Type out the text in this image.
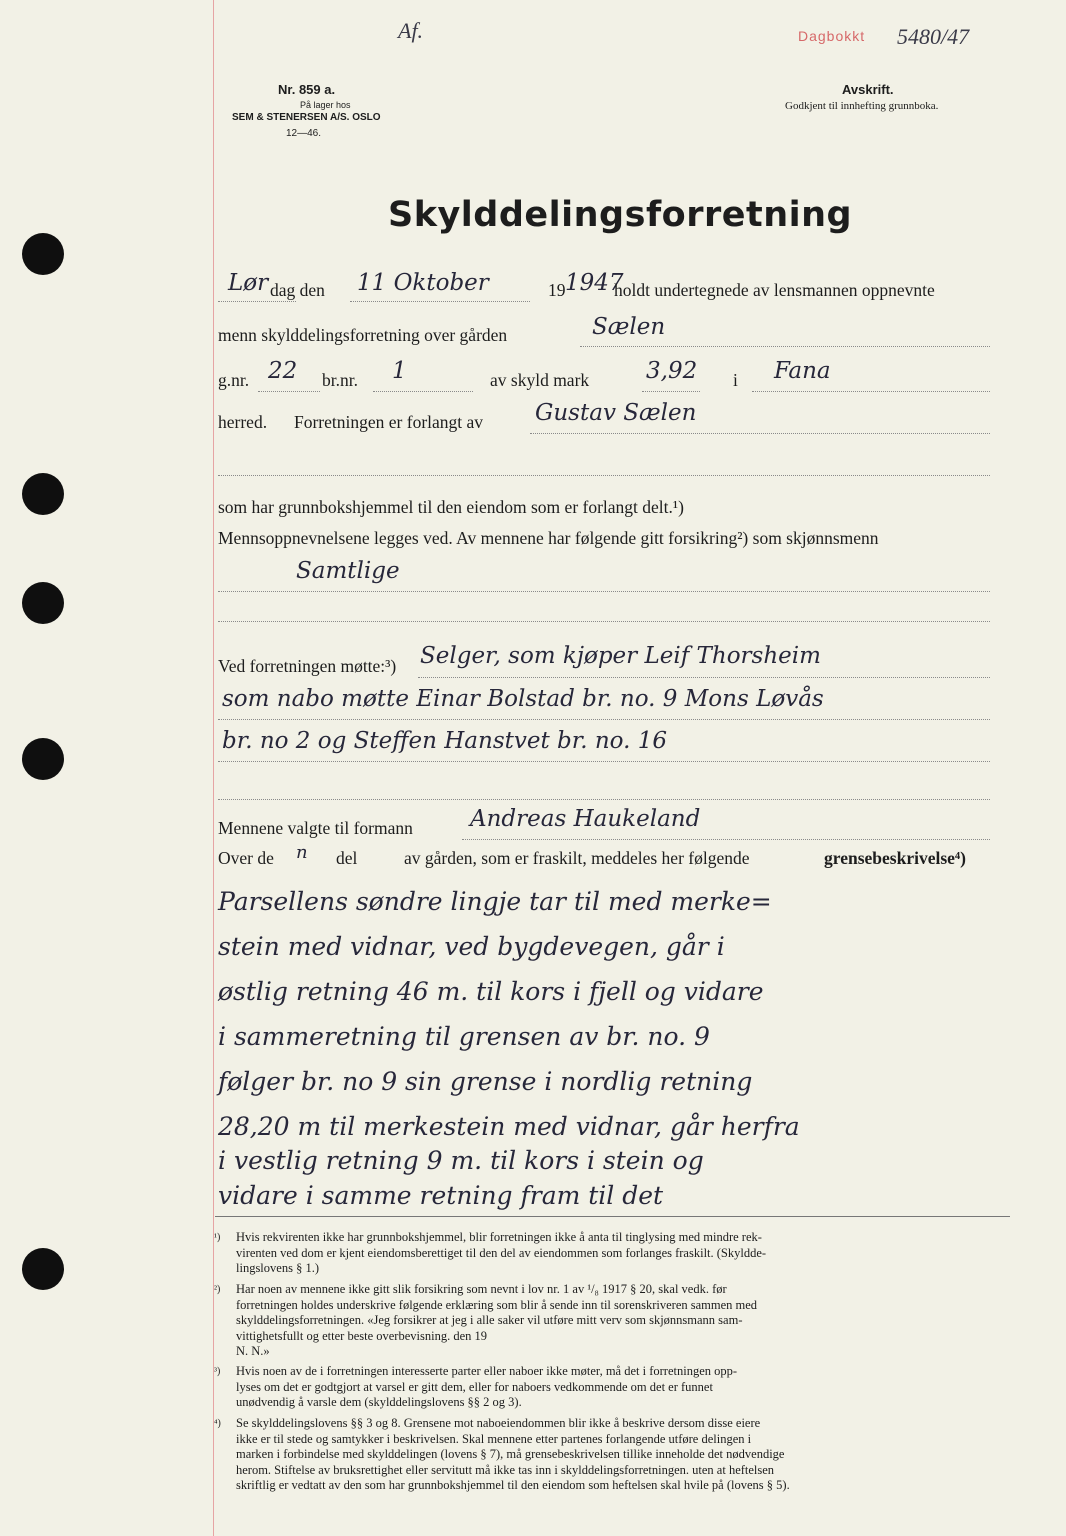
Af.	Dagbokkt 5480/47
Nr. 859 a.
På lager hos
SEM & STENERSEN A/S. OSLO
12—46.
Avskrift.
Godkjent til innhefting grunnboka.
Skylddelingsforretning
Lør dag den 11 Oktober	19 1947
holdt undertegnede av lensmannen oppnevnte
menn skylddelingsforretning over gården	Sælen
g.nr. 22 br.nr. 1	av skyld mark 3,92 i Fana
herred. Forretningen er forlangt av Gustav Sælen
som har grunnbokshjemmel til den eiendom som er forlangt delt.¹)
Mennsoppnevnelsene legges ved. Av mennene har følgende gitt forsikring²) som skjønnsmenn
Samtlige
Ved forretningen møtte:³) Selger, som kjøper Leif Thorsheim
som nabo møtte Einar Bolstad br. no. 9 Mons Løvås
br. no 2 og Steffen Hanstvet br. no. 16
Mennene valgte til formann Andreas Haukeland
Over de n del	av gården, som er fraskilt, meddeles her følgende	grensebeskrivelse⁴)
Parsellens søndre lingje tar til med merke=
stein med vidnar, ved bygdevegen, går i
østlig retning 46 m. til kors i fjell og vidare
i sammeretning til grensen av br. no. 9
følger br. no 9 sin grense i nordlig retning
28,20 m til merkestein med vidnar, går herfra
i vestlig retning 9 m. til kors i stein og
vidare i samme retning fram til det
¹) Hvis rekvirenten ikke har grunnbokshjemmel, blir forretningen ikke å anta til tinglysing med mindre rek-
virenten ved dom er kjent eiendomsberettiget til den del av eiendommen som forlanges fraskilt. (Skyldde-
lingslovens § 1.)
²) Har noen av mennene ikke gitt slik forsikring som nevnt i lov nr. 1 av ¹/₈ 1917 § 20, skal vedk. før
forretningen holdes underskrive følgende erklæring som blir å sende inn til sorenskriveren sammen med
skylddelingsforretningen. «Jeg forsikrer at jeg i alle saker vil utføre mitt verv som skjønnsmann sam-
vittighetsfullt og etter beste overbevisning. den 19
N. N.»
³) Hvis noen av de i forretningen interesserte parter eller naboer ikke møter, må det i forretningen opp-
lyses om det er godtgjort at varsel er gitt dem, eller for naboers vedkommende om det er funnet
unødvendig å varsle dem (skylddelingslovens §§ 2 og 3).
⁴) Se skylddelingslovens §§ 3 og 8. Grensene mot naboeiendommen blir ikke å beskrive dersom disse eiere
ikke er til stede og samtykker i beskrivelsen. Skal mennene etter partenes forlangende utføre delingen i
marken i forbindelse med skylddelingen (lovens § 7), må grensebeskrivelsen tillike inneholde det nødvendige
herom. Stiftelse av bruksrettighet eller servitutt må ikke tas inn i skylddelingsforretningen. uten at heftelsen
skriftlig er vedtatt av den som har grunnbokshjemmel til den eiendom som heftelsen skal hvile på (lovens § 5).
